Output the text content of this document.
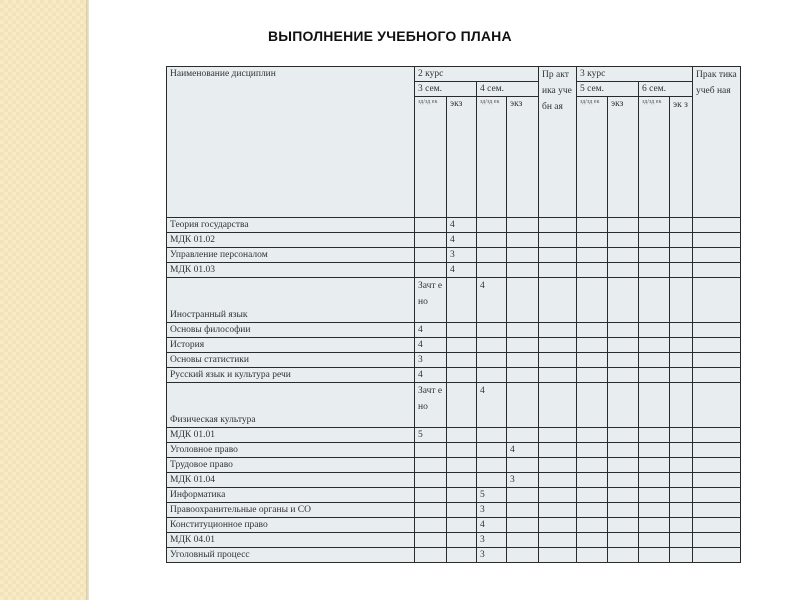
ВЫПОЛНЕНИЕ УЧЕБНОГО ПЛАНА
Наименование дисциплин	2 курс				Пр акт ика уче бн ая	3 курс				Прак тика учеб ная
	3 сем.		4 сем.			5 сем.		6 сем.		
	зд/зд ек	экз	зд/зд ек	экз		зд/зд ек	экз	зд/зд ек	эк з	
Теория государства		4								
МДК 01.02		4								
Управление персоналом		3								
МДК 01.03		4								
Иностранный язык	Зачт ено		4							
Основы философии	4									
История	4									
Основы статистики	3									
Русский язык и культура речи	4									
Физическая культура	Зачт ено		4							
МДК 01.01	5									
Уголовное право				4						
Трудовое право										
МДК 01.04				3						
Информатика			5							
Правоохранительные органы и СО			3							
Конституционное право			4							
МДК 04.01			3							
Уголовный процесс			3							
